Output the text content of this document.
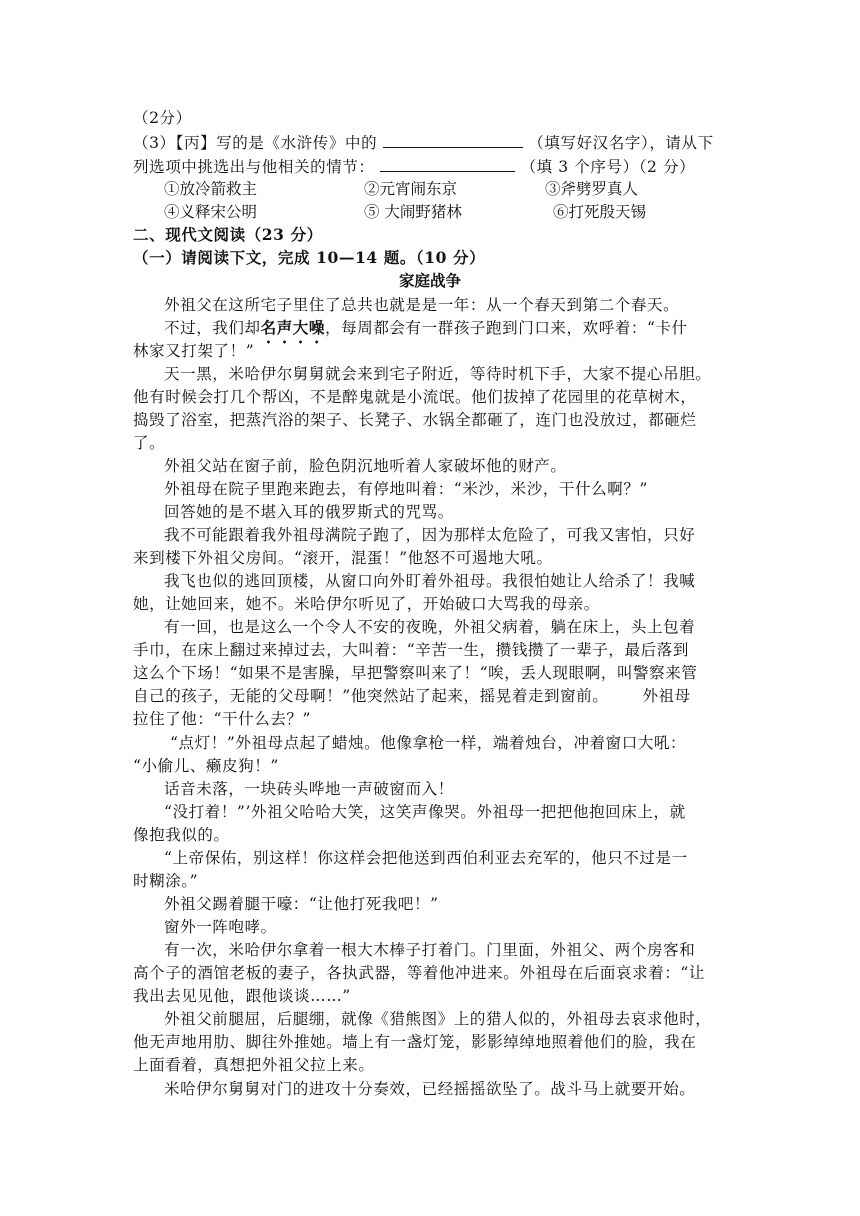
（2分）
（3）【丙】写的是《水浒传》中的	（填写好汉名字），请从下
列选项中挑选出与他相关的情节：	（填 3 个序号）（2 分）
①放冷箭救主	②元宵闹东京	③斧劈罗真人
④义释宋公明	⑤ 大闹野猪林	⑥打死殷天锡
二、现代文阅读（23 分）
（一）请阅读下文，完成 10—14 题。（10 分）
家庭战争
外祖父在这所宅子里住了总共也就是是一年：从一个春天到第二个春天。
不过，我们却名声大噪，每周都会有一群孩子跑到门口来，欢呼着：“卡什
林家又打架了！”
天一黑，米哈伊尔舅舅就会来到宅子附近，等待时机下手，大家不提心吊胆。
他有时候会打几个帮凶，不是醉鬼就是小流氓。他们拔掉了花园里的花草树木，
捣毁了浴室，把蒸汽浴的架子、长凳子、水锅全都砸了，连门也没放过，都砸烂
了。
外祖父站在窗子前，脸色阴沉地听着人家破坏他的财产。
外祖母在院子里跑来跑去，有停地叫着：“米沙，米沙，干什么啊？”
回答她的是不堪入耳的俄罗斯式的咒骂。
我不可能跟着我外祖母满院子跑了，因为那样太危险了，可我又害怕，只好
来到楼下外祖父房间。“滚开，混蛋！”他怒不可遏地大吼。
我飞也似的逃回顶楼，从窗口向外盯着外祖母。我很怕她让人给杀了！我喊
她，让她回来，她不。米哈伊尔听见了，开始破口大骂我的母亲。
有一回，也是这么一个令人不安的夜晚，外祖父病着，躺在床上，头上包着
手巾，在床上翻过来掉过去，大叫着：“辛苦一生，攒钱攒了一辈子，最后落到
这么个下场！“如果不是害臊，早把警察叫来了！“唉，丢人现眼啊，叫警察来管
自己的孩子，无能的父母啊！”他突然站了起来，摇晃着走到窗前。 外祖母
拉住了他：“干什么去？”
“点灯！”外祖母点起了蜡烛。他像拿枪一样，端着烛台，冲着窗口大吼：
“小偷儿、癞皮狗！”
话音未落，一块砖头哗地一声破窗而入！
“没打着！”’外祖父哈哈大笑，这笑声像哭。外祖母一把把他抱回床上，就
像抱我似的。
“上帝保佑，别这样！你这样会把他送到西伯利亚去充军的，他只不过是一
时糊涂。”
外祖父踢着腿干嚎：“让他打死我吧！”
窗外一阵咆哮。
有一次，米哈伊尔拿着一根大木棒子打着门。门里面，外祖父、两个房客和
高个子的酒馆老板的妻子，各执武器，等着他冲进来。外祖母在后面哀求着：“让
我出去见见他，跟他谈谈……”
外祖父前腿屈，后腿绷，就像《猎熊图》上的猎人似的，外祖母去哀求他时，
他无声地用肋、脚往外推她。墙上有一盏灯笼，影影绰绰地照着他们的脸，我在
上面看着，真想把外祖父拉上来。
米哈伊尔舅舅对门的进攻十分奏效，已经摇摇欲坠了。战斗马上就要开始。
